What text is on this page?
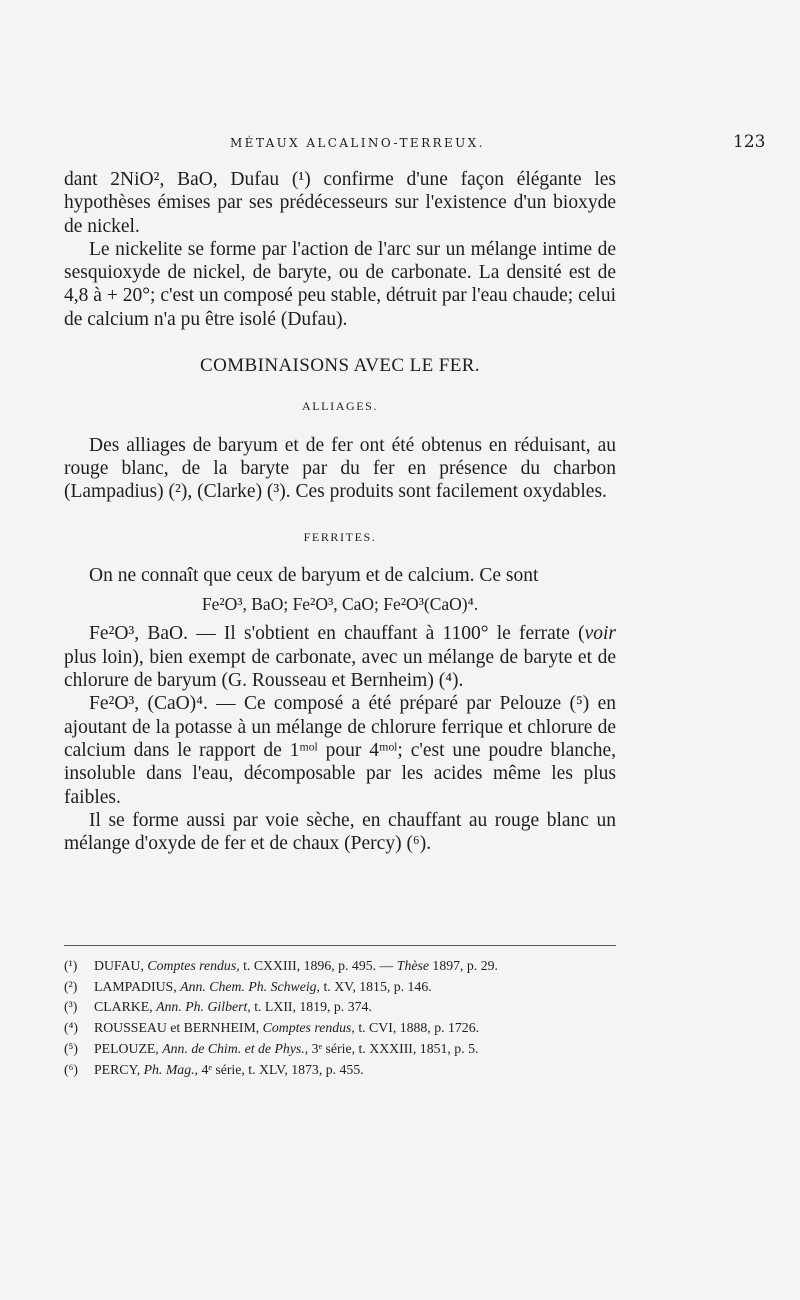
MÉTAUX ALCALINO-TERREUX.	123

dant 2NiO², BaO, Dufau (¹) confirme d'une façon élégante les hypothèses émises par ses prédécesseurs sur l'existence d'un bioxyde de nickel.

Le nickelite se forme par l'action de l'arc sur un mélange intime de sesquioxyde de nickel, de baryte, ou de carbonate. La densité est de 4,8 à + 20°; c'est un composé peu stable, détruit par l'eau chaude; celui de calcium n'a pu être isolé (Dufau).

COMBINAISONS AVEC LE FER.
ALLIAGES.

Des alliages de baryum et de fer ont été obtenus en réduisant, au rouge blanc, de la baryte par du fer en présence du charbon (Lampadius) (²), (Clarke) (³). Ces produits sont facilement oxydables.

FERRITES.

On ne connaît que ceux de baryum et de calcium. Ce sont

Fe²O³, BaO; Fe²O³, CaO; Fe²O³(CaO)⁴.

Fe²O³, BaO. — Il s'obtient en chauffant à 1100° le ferrate (voir plus loin), bien exempt de carbonate, avec un mélange de baryte et de chlorure de baryum (G. Rousseau et Bernheim) (⁴).

Fe²O³, (CaO)⁴. — Ce composé a été préparé par Pelouze (⁵) en ajoutant de la potasse à un mélange de chlorure ferrique et chlorure de calcium dans le rapport de 1ᵐᵒˡ pour 4ᵐᵒˡ; c'est une poudre blanche, insoluble dans l'eau, décomposable par les acides même les plus faibles.

Il se forme aussi par voie sèche, en chauffant au rouge blanc un mélange d'oxyde de fer et de chaux (Percy) (⁶).

(¹) DUFAU, Comptes rendus, t. CXXIII, 1896, p. 495. — Thèse 1897, p. 29.
(²) LAMPADIUS, Ann. Chem. Ph. Schweig, t. XV, 1815, p. 146.
(³) CLARKE, Ann. Ph. Gilbert, t. LXII, 1819, p. 374.
(⁴) ROUSSEAU et BERNHEIM, Comptes rendus, t. CVI, 1888, p. 1726.
(⁵) PELOUZE, Ann. de Chim. et de Phys., 3ᵉ série, t. XXXIII, 1851, p. 5.
(⁶) PERCY, Ph. Mag., 4ᵉ série, t. XLV, 1873, p. 455.
